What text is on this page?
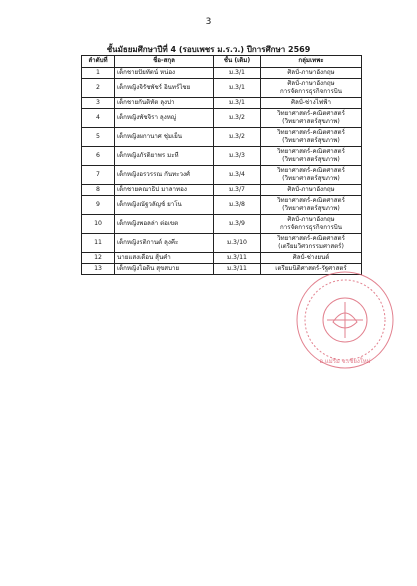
3
ชั้นมัธยมศึกษาปีที่ 4 (รอบเพชร ม.ร.ว.) ปีการศึกษา 2569
ลำดับที่	ชื่อ-สกุล	ชั้น (เดิม)	กลุ่มเทพะ
1	เด็กชายปัยทัตน์ หน่อง	ม.3/1	ศิลป์-ภาษาอังกฤษ

2	เด็กหญิงจิรัชพัชร์ อินทร์ไชย	ม.3/1	ศิลป์-ภาษาอังกฤษ
การจัดการธุรกิจการบิน

3	เด็กชายกันติทัต ลุงปา	ม.3/1	ศิลป์-ช่างไฟฟ้า

4	เด็กหญิงพัชจิรา ลุงหญู่	ม.3/2	วิทยาศาสตร์-คณิตศาสตร์
(วิทยาศาสตร์สุขภาพ)

5	เด็กหญิงผกานาศ ชุ่มเย็น	ม.3/2	วิทยาศาสตร์-คณิตศาสตร์
(วิทยาศาสตร์สุขภาพ)

6	เด็กหญิงภัรดิยาพร มะหี	ม.3/3	วิทยาศาสตร์-คณิตศาสตร์
(วิทยาศาสตร์สุขภาพ)

7	เด็กหญิงอรวรรณ กันทะวงศ์	ม.3/4	วิทยาศาสตร์-คณิตศาสตร์
(วิทยาศาสตร์สุขภาพ)

8	เด็กชายคณาธิป มาลาทอง	ม.3/7	ศิลป์-ภาษาอังกฤษ

9	เด็กหญิงณัฐวลัญช์ ยาโน	ม.3/8	วิทยาศาสตร์-คณิตศาสตร์
(วิทยาศาสตร์สุขภาพ)

10	เด็กหญิงพอลล่า ต่อเขต	ม.3/9	ศิลป์-ภาษาอังกฤษ
การจัดการธุรกิจการบิน

11	เด็กหญิงรติกานต์ ลุงคีะ	ม.3/10	วิทยาศาสตร์-คณิตศาสตร์
(เตรียมวิศวกรรมศาสตร์)

12	นายแสงเดือน สุ้นคำ	ม.3/11	ศิลป์-ช่างยนต์

13	เด็กหญิงไอดิน สุขสบาย	ม.3/11	เตรียมนิติศาสตร์-รัฐศาสตร์
อ.แม่ริม จ.เชียงใหม่
